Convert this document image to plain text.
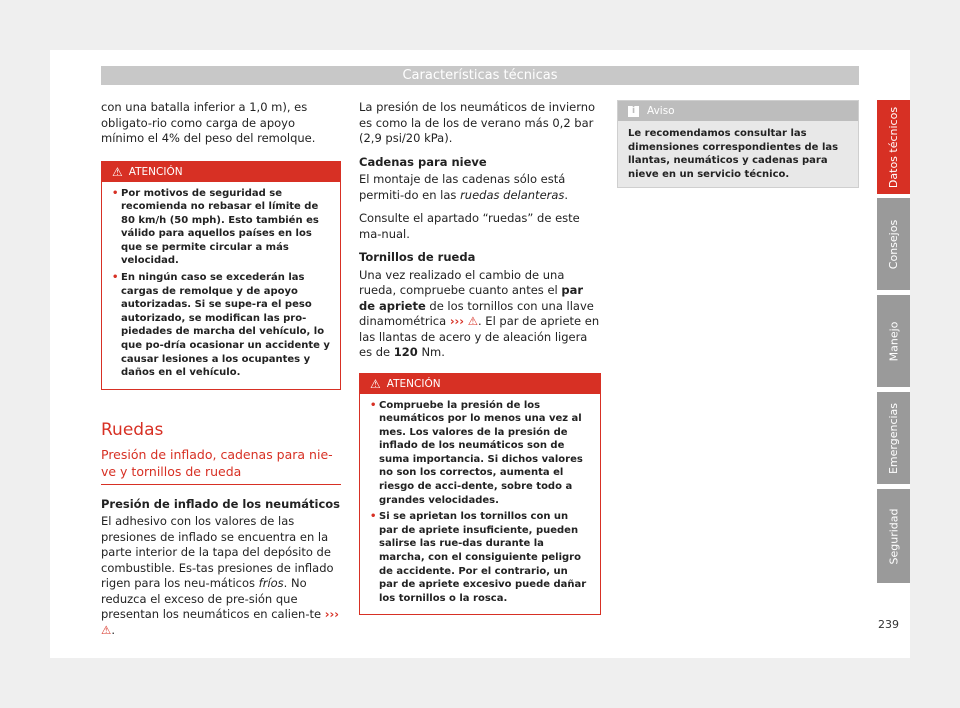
Características técnicas

con una batalla inferior a 1,0 m), es obligato-rio como carga de apoyo mínimo el 4% del peso del remolque.

⚠ ATENCIÓN
• Por motivos de seguridad se recomienda no rebasar el límite de 80 km/h (50 mph). Esto también es válido para aquellos países en los que se permite circular a más velocidad.
• En ningún caso se excederán las cargas de remolque y de apoyo autorizadas. Si se supe-ra el peso autorizado, se modifican las pro-piedades de marcha del vehículo, lo que po-dría ocasionar un accidente y causar lesiones a los ocupantes y daños en el vehículo.
Ruedas
Presión de inflado, cadenas para nie-ve y tornillos de rueda

Presión de inflado de los neumáticos

El adhesivo con los valores de las presiones de inflado se encuentra en la parte interior de la tapa del depósito de combustible. Es-tas presiones de inflado rigen para los neu-máticos fríos. No reduzca el exceso de pre-sión que presentan los neumáticos en calien-te ››› ⚠.

La presión de los neumáticos de invierno es como la de los de verano más 0,2 bar (2,9 psi/20 kPa).

Cadenas para nieve

El montaje de las cadenas sólo está permiti-do en las ruedas delanteras.

Consulte el apartado “ruedas” de este ma-nual.

Tornillos de rueda

Una vez realizado el cambio de una rueda, compruebe cuanto antes el par de apriete de los tornillos con una llave dinamométrica ››› ⚠. El par de apriete en las llantas de acero y de aleación ligera es de 120 Nm.

⚠ ATENCIÓN
• Compruebe la presión de los neumáticos por lo menos una vez al mes. Los valores de la presión de inflado de los neumáticos son de suma importancia. Si dichos valores no son los correctos, aumenta el riesgo de acci-dente, sobre todo a grandes velocidades.
• Si se aprietan los tornillos con un par de apriete insuficiente, pueden salirse las rue-das durante la marcha, con el consiguiente peligro de accidente. Por el contrario, un par de apriete excesivo puede dañar los tornillos o la rosca.
i	Aviso
Le recomendamos consultar las dimensiones correspondientes de las llantas, neumáticos y cadenas para nieve en un servicio técnico.	Datos técnicos
Consejos
Manejo
Emergencias
Seguridad
239
